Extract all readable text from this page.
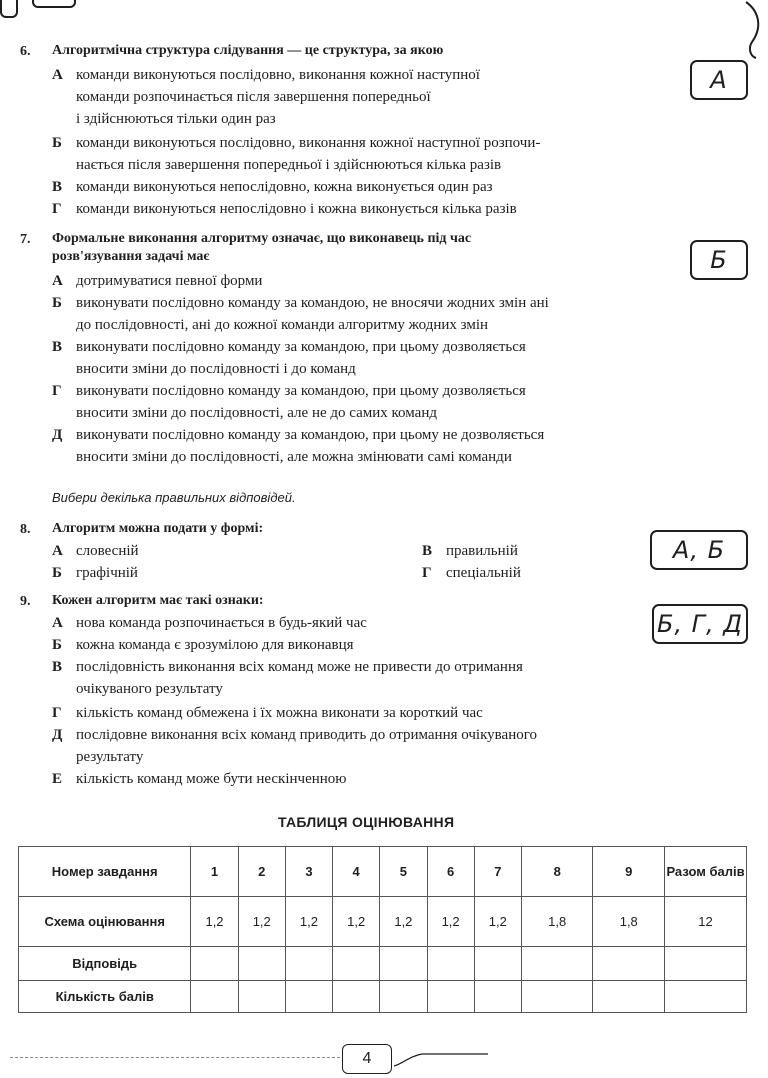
6. Алгоритмічна структура слідування — це структура, за якою
А
А команди виконуються послідовно, виконання кожної наступної
команди розпочинається після завершення попередньої
і здійснюються тільки один раз
Б команди виконуються послідовно, виконання кожної наступної розпочи-
нається після завершення попередньої і здійснюються кілька разів
В команди виконуються непослідовно, кожна виконується один раз
Г команди виконуються непослідовно і кожна виконується кілька разів
7. Формальне виконання алгоритму означає, що виконавець під час
розв'язування задачі має	Б
А дотримуватися певної форми
Б виконувати послідовно команду за командою, не вносячи жодних змін ані
до послідовності, ані до кожної команди алгоритму жодних змін
В виконувати послідовно команду за командою, при цьому дозволяється
вносити зміни до послідовності і до команд
Г виконувати послідовно команду за командою, при цьому дозволяється
вносити зміни до послідовності, але не до самих команд
Д виконувати послідовно команду за командою, при цьому не дозволяється
вносити зміни до послідовності, але можна змінювати самі команди
Вибери декілька правильних відповідей.
8. Алгоритм можна подати у формі:
А, Б
А словесній
Б графічній
В правильній
Г спеціальній
9. Кожен алгоритм має такі ознаки:
Б, Г, Д
А нова команда розпочинається в будь-який час
Б кожна команда є зрозумілою для виконавця
В послідовність виконання всіх команд може не привести до отримання
очікуваного результату
Г кількість команд обмежена і їх можна виконати за короткий час
Д послідовне виконання всіх команд приводить до отримання очікуваного
результату
Е кількість команд може бути нескінченною
ТАБЛИЦЯ ОЦІНЮВАННЯ
Номер завдання	1	2	3	4	5	6	7	8	9	Разом балів
Схема оцінювання	1,2	1,2	1,2	1,2	1,2	1,2	1,2	1,8	1,8	12
Відповідь										
Кількість балів										
4
